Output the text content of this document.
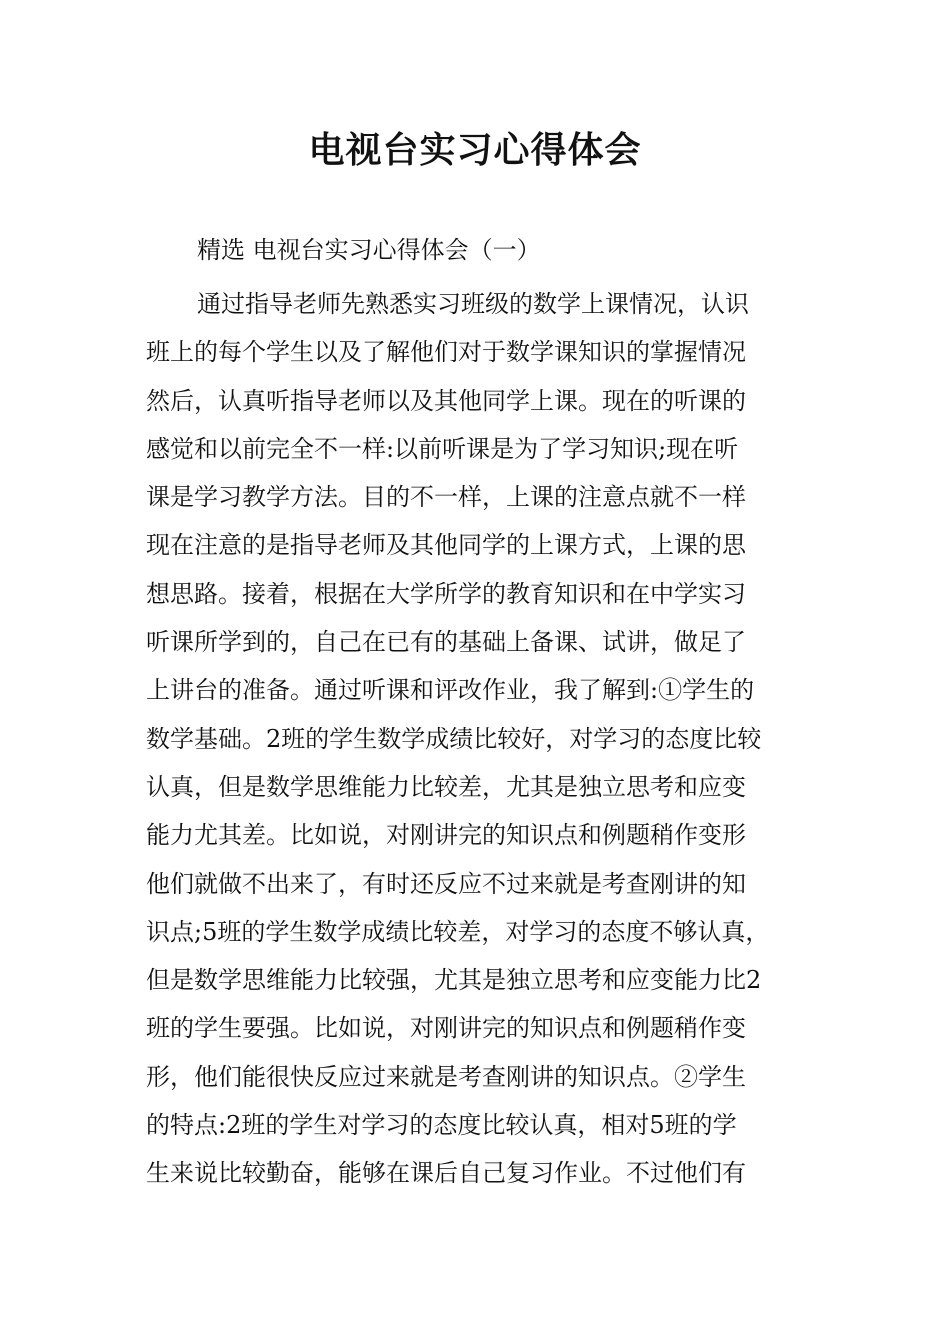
电视台实习心得体会

精选 电视台实习心得体会（一）

通过指导老师先熟悉实习班级的数学上课情况，认识
班上的每个学生以及了解他们对于数学课知识的掌握情况
然后，认真听指导老师以及其他同学上课。现在的听课的
感觉和以前完全不一样:以前听课是为了学习知识;现在听
课是学习教学方法。目的不一样，上课的注意点就不一样
现在注意的是指导老师及其他同学的上课方式，上课的思
想思路。接着，根据在大学所学的教育知识和在中学实习
听课所学到的，自己在已有的基础上备课、试讲，做足了
上讲台的准备。通过听课和评改作业，我了解到:①学生的
数学基础。2班的学生数学成绩比较好，对学习的态度比较
认真，但是数学思维能力比较差，尤其是独立思考和应变
能力尤其差。比如说，对刚讲完的知识点和例题稍作变形
他们就做不出来了，有时还反应不过来就是考查刚讲的知
识点;5班的学生数学成绩比较差，对学习的态度不够认真，
但是数学思维能力比较强，尤其是独立思考和应变能力比2
班的学生要强。比如说，对刚讲完的知识点和例题稍作变
形，他们能很快反应过来就是考查刚讲的知识点。②学生
的特点:2班的学生对学习的态度比较认真，相对5班的学
生来说比较勤奋，能够在课后自己复习作业。不过他们有
